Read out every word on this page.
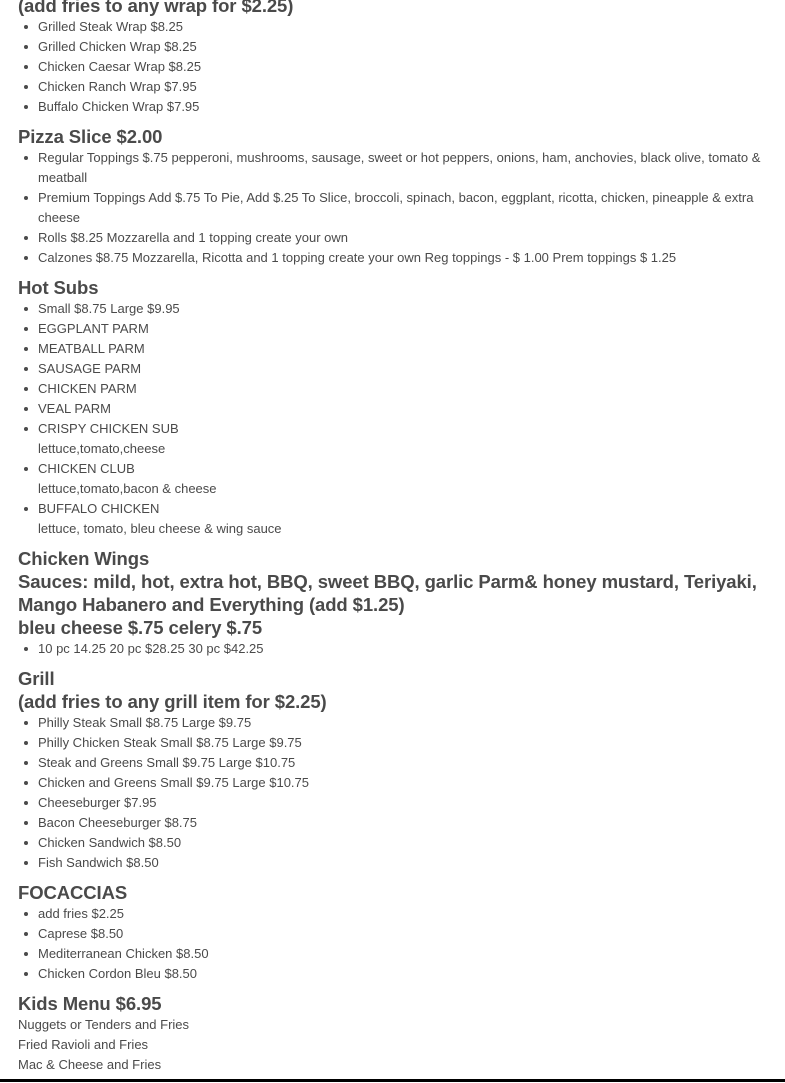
(add fries to any wrap for $2.25)
Grilled Steak Wrap $8.25
Grilled Chicken Wrap $8.25
Chicken Caesar Wrap $8.25
Chicken Ranch Wrap $7.95
Buffalo Chicken Wrap $7.95
Pizza Slice $2.00
Regular Toppings $.75 pepperoni, mushrooms, sausage, sweet or hot peppers, onions, ham, anchovies, black olive, tomato & meatball
Premium Toppings Add $.75 To Pie, Add $.25 To Slice, broccoli, spinach, bacon, eggplant, ricotta, chicken, pineapple & extra cheese
Rolls $8.25 Mozzarella and 1 topping create your own
Calzones $8.75 Mozzarella, Ricotta and 1 topping create your own Reg toppings - $ 1.00 Prem toppings $ 1.25
Hot Subs
Small $8.75 Large $9.95
EGGPLANT PARM
MEATBALL PARM
SAUSAGE PARM
CHICKEN PARM
VEAL PARM
CRISPY CHICKEN SUB
lettuce,tomato,cheese
CHICKEN CLUB
lettuce,tomato,bacon & cheese
BUFFALO CHICKEN
lettuce, tomato, bleu cheese & wing sauce
Chicken Wings
Sauces: mild, hot, extra hot, BBQ, sweet BBQ, garlic Parm& honey mustard, Teriyaki, Mango Habanero and Everything (add $1.25)
bleu cheese $.75 celery $.75
10 pc 14.25 20 pc $28.25 30 pc $42.25
Grill
(add fries to any grill item for $2.25)
Philly Steak Small $8.75 Large $9.75
Philly Chicken Steak Small $8.75 Large $9.75
Steak and Greens Small $9.75 Large $10.75
Chicken and Greens Small $9.75 Large $10.75
Cheeseburger $7.95
Bacon Cheeseburger $8.75
Chicken Sandwich $8.50
Fish Sandwich $8.50
FOCACCIAS
add fries $2.25
Caprese $8.50
Mediterranean Chicken $8.50
Chicken Cordon Bleu $8.50
Kids Menu $6.95
Nuggets or Tenders and Fries
Fried Ravioli and Fries
Mac & Cheese and Fries
